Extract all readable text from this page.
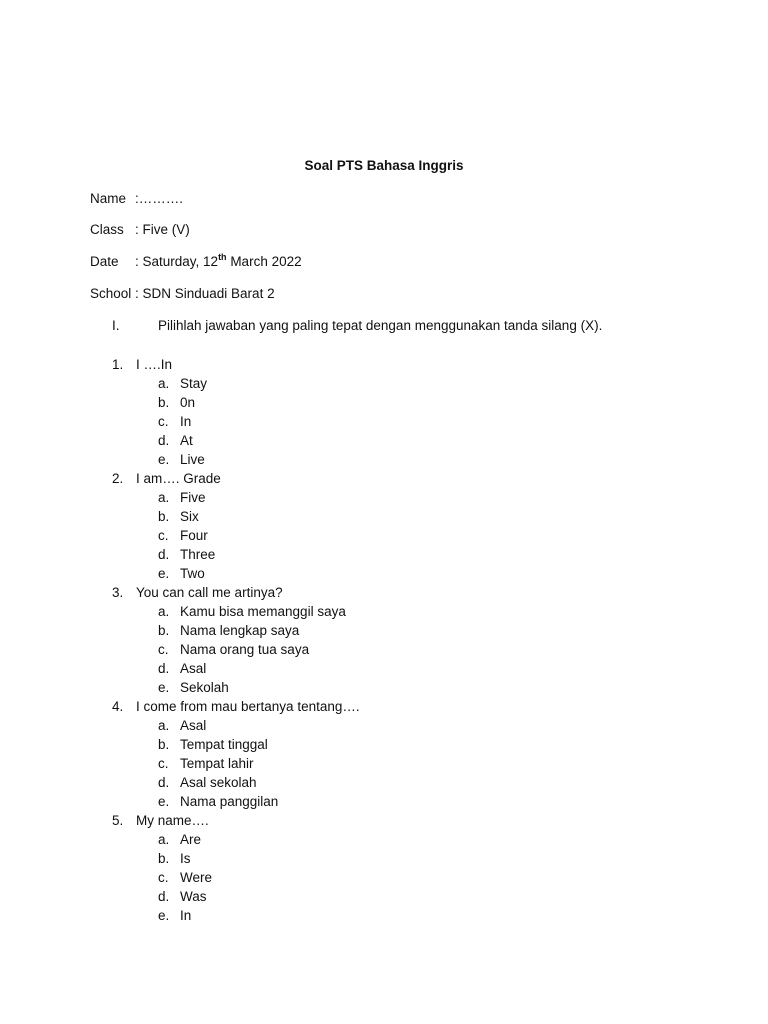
Soal PTS Bahasa Inggris
Name :……….
Class : Five (V)
Date : Saturday, 12th March 2022
School : SDN Sinduadi Barat 2
I.	Pilihlah jawaban yang paling tepat dengan menggunakan tanda silang (X).
1. I ….In
a. Stay
b. 0n
c. In
d. At
e. Live
2. I am…. Grade
a. Five
b. Six
c. Four
d. Three
e. Two
3. You can call me artinya?
a. Kamu bisa memanggil saya
b. Nama lengkap saya
c. Nama orang tua saya
d. Asal
e. Sekolah
4. I come from mau bertanya tentang….
a. Asal
b. Tempat tinggal
c. Tempat lahir
d. Asal sekolah
e. Nama panggilan
5. My name….
a. Are
b. Is
c. Were
d. Was
e. In
